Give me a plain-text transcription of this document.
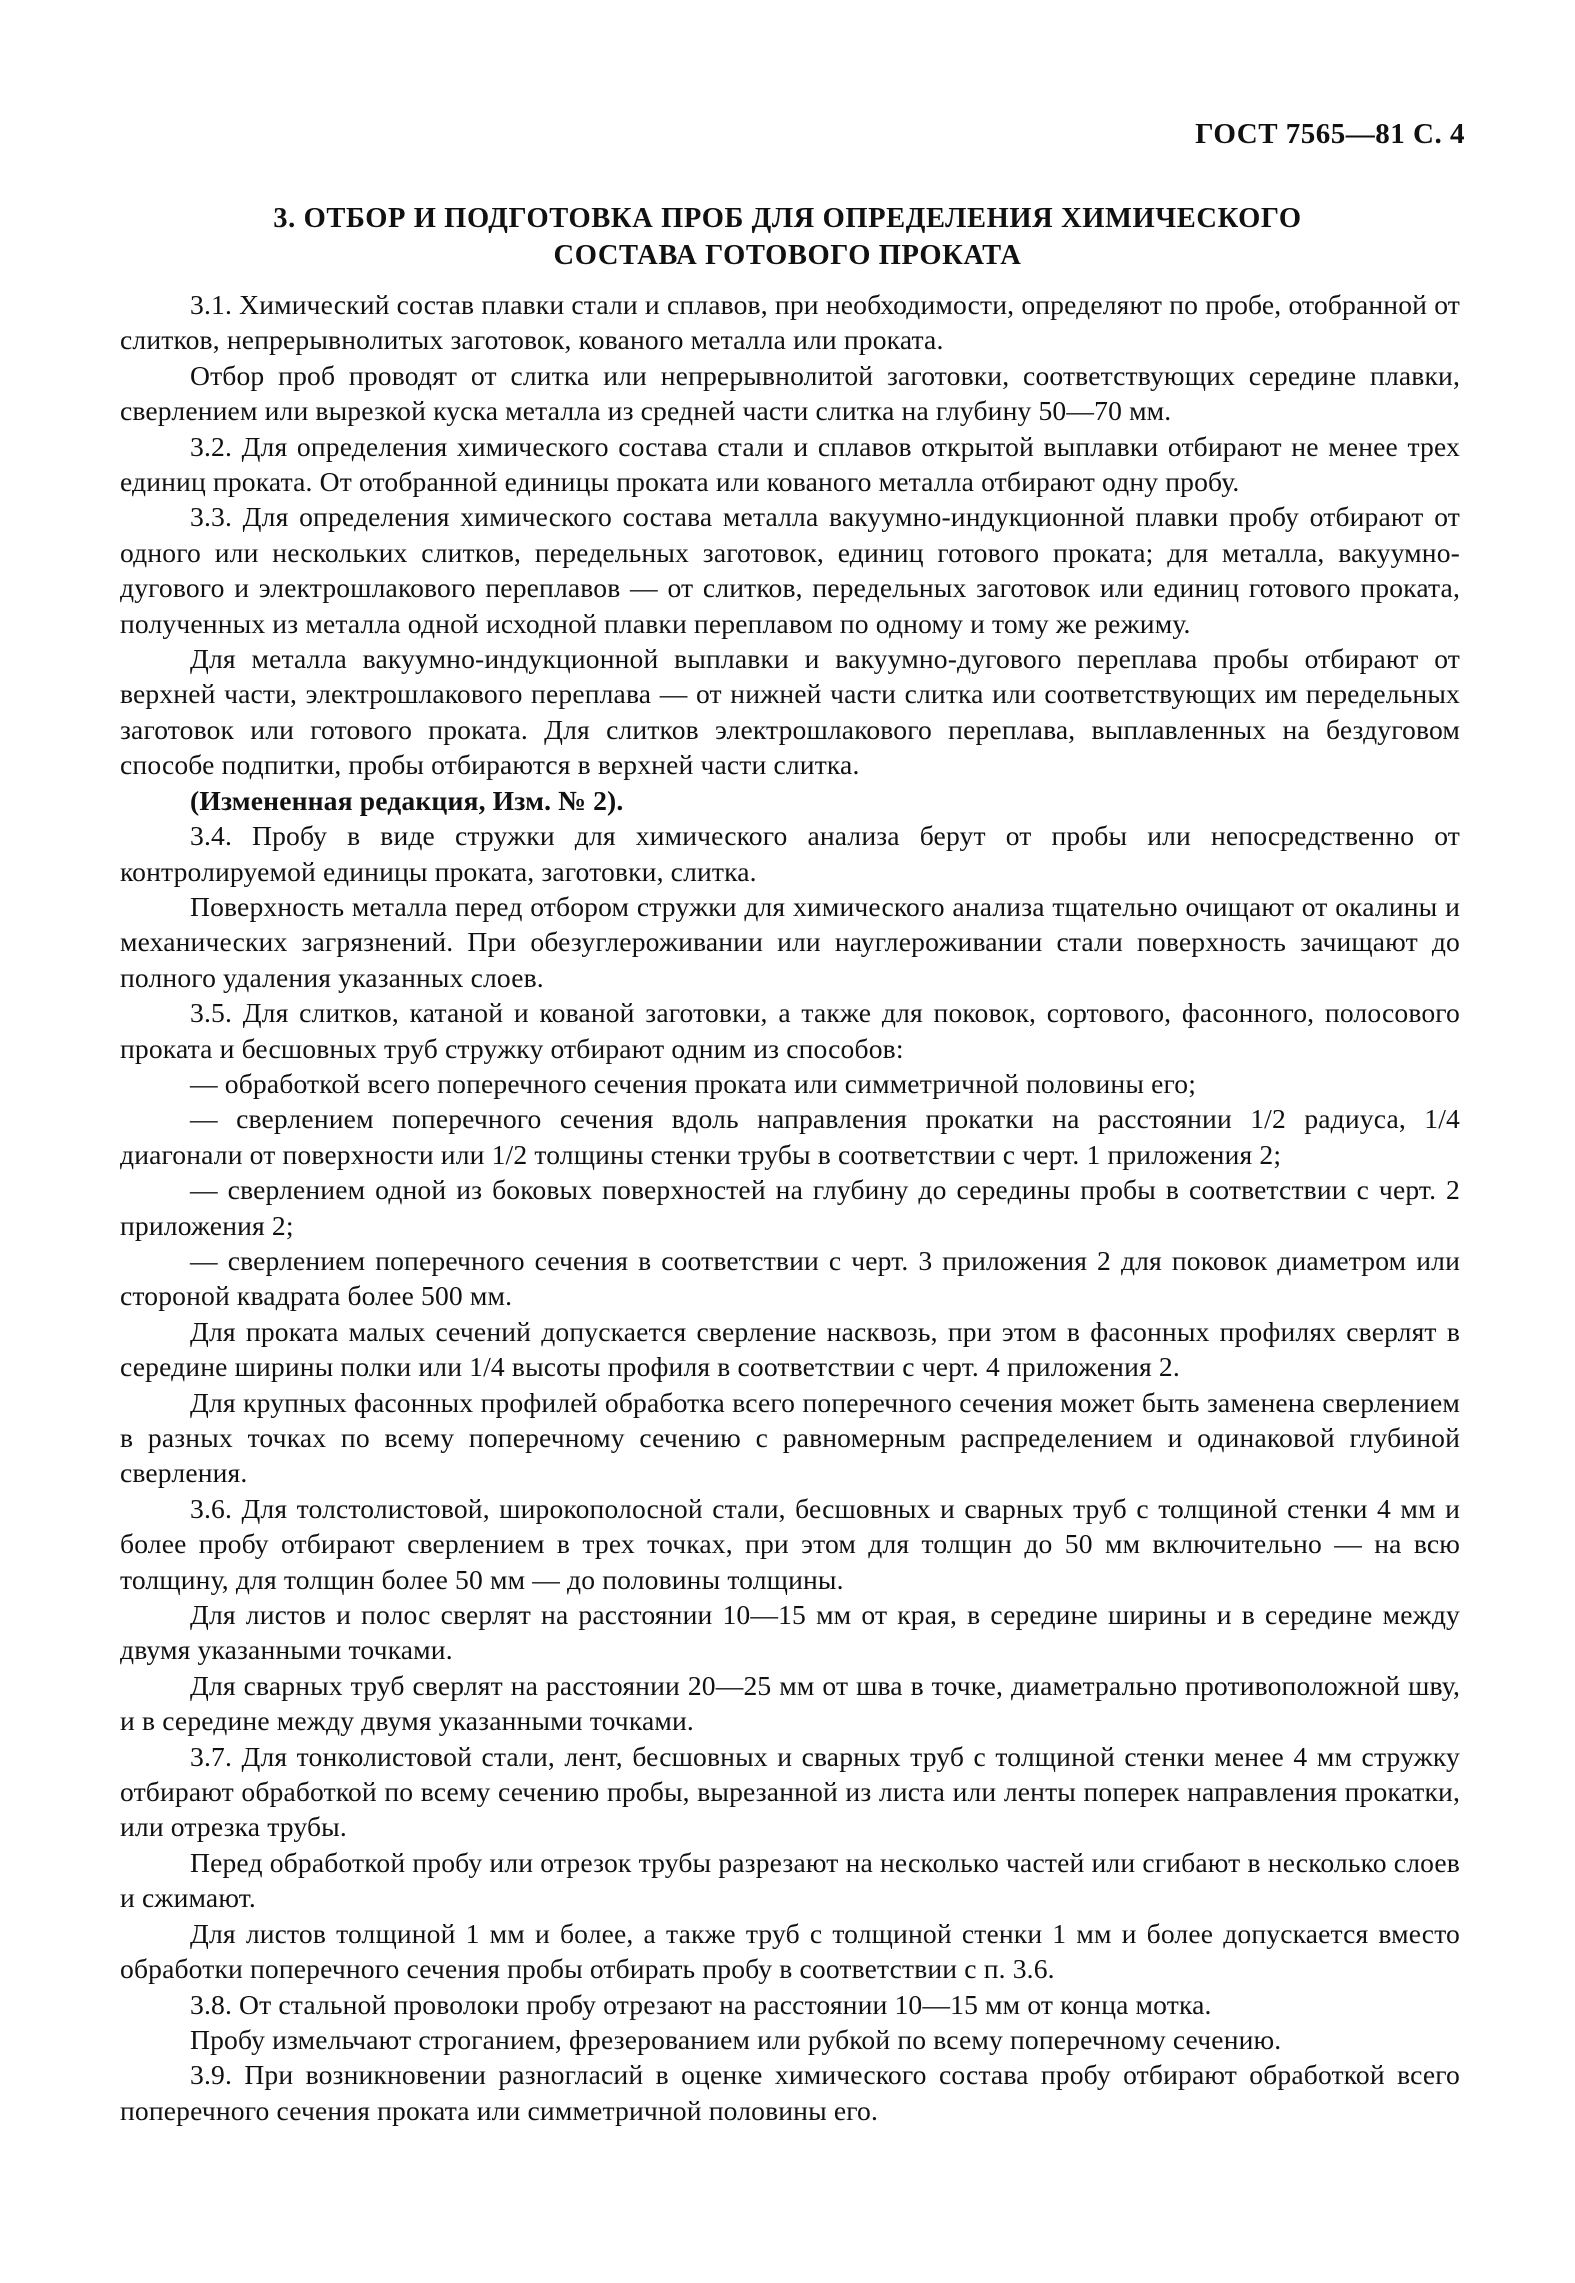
ГОСТ 7565—81 С. 4
3. ОТБОР И ПОДГОТОВКА ПРОБ ДЛЯ ОПРЕДЕЛЕНИЯ ХИМИЧЕСКОГО
СОСТАВА ГОТОВОГО ПРОКАТА

3.1. Химический состав плавки стали и сплавов, при необходимости, определяют по пробе, отобранной от слитков, непрерывнолитых заготовок, кованого металла или проката.

Отбор проб проводят от слитка или непрерывнолитой заготовки, соответствующих середине плавки, сверлением или вырезкой куска металла из средней части слитка на глубину 50—70 мм.

3.2. Для определения химического состава стали и сплавов открытой выплавки отбирают не менее трех единиц проката. От отобранной единицы проката или кованого металла отбирают одну пробу.

3.3. Для определения химического состава металла вакуумно-индукционной плавки пробу отбирают от одного или нескольких слитков, передельных заготовок, единиц готового проката; для металла, вакуумно-дугового и электрошлакового переплавов — от слитков, передельных заготовок или единиц готового проката, полученных из металла одной исходной плавки переплавом по одному и тому же режиму.

Для металла вакуумно-индукционной выплавки и вакуумно-дугового переплава пробы отбирают от верхней части, электрошлакового переплава — от нижней части слитка или соответствующих им передельных заготовок или готового проката. Для слитков электрошлакового переплава, выплавленных на бездуговом способе подпитки, пробы отбираются в верхней части слитка.

(Измененная редакция, Изм. № 2).

3.4. Пробу в виде стружки для химического анализа берут от пробы или непосредственно от контролируемой единицы проката, заготовки, слитка.

Поверхность металла перед отбором стружки для химического анализа тщательно очищают от окалины и механических загрязнений. При обезуглероживании или науглероживании стали поверхность зачищают до полного удаления указанных слоев.

3.5. Для слитков, катаной и кованой заготовки, а также для поковок, сортового, фасонного, полосового проката и бесшовных труб стружку отбирают одним из способов:

— обработкой всего поперечного сечения проката или симметричной половины его;

— сверлением поперечного сечения вдоль направления прокатки на расстоянии 1/2 радиуса, 1/4 диагонали от поверхности или 1/2 толщины стенки трубы в соответствии с черт. 1 приложения 2;

— сверлением одной из боковых поверхностей на глубину до середины пробы в соответствии с черт. 2 приложения 2;

— сверлением поперечного сечения в соответствии с черт. 3 приложения 2 для поковок диаметром или стороной квадрата более 500 мм.

Для проката малых сечений допускается сверление насквозь, при этом в фасонных профилях сверлят в середине ширины полки или 1/4 высоты профиля в соответствии с черт. 4 приложения 2.

Для крупных фасонных профилей обработка всего поперечного сечения может быть заменена сверлением в разных точках по всему поперечному сечению с равномерным распределением и одинаковой глубиной сверления.

3.6. Для толстолистовой, широкополосной стали, бесшовных и сварных труб с толщиной стенки 4 мм и более пробу отбирают сверлением в трех точках, при этом для толщин до 50 мм включительно — на всю толщину, для толщин более 50 мм — до половины толщины.

Для листов и полос сверлят на расстоянии 10—15 мм от края, в середине ширины и в середине между двумя указанными точками.

Для сварных труб сверлят на расстоянии 20—25 мм от шва в точке, диаметрально противоположной шву, и в середине между двумя указанными точками.

3.7. Для тонколистовой стали, лент, бесшовных и сварных труб с толщиной стенки менее 4 мм стружку отбирают обработкой по всему сечению пробы, вырезанной из листа или ленты поперек направления прокатки, или отрезка трубы.

Перед обработкой пробу или отрезок трубы разрезают на несколько частей или сгибают в несколько слоев и сжимают.

Для листов толщиной 1 мм и более, а также труб с толщиной стенки 1 мм и более допускается вместо обработки поперечного сечения пробы отбирать пробу в соответствии с п. 3.6.

3.8. От стальной проволоки пробу отрезают на расстоянии 10—15 мм от конца мотка.

Пробу измельчают строганием, фрезерованием или рубкой по всему поперечному сечению.

3.9. При возникновении разногласий в оценке химического состава пробу отбирают обработкой всего поперечного сечения проката или симметричной половины его.
